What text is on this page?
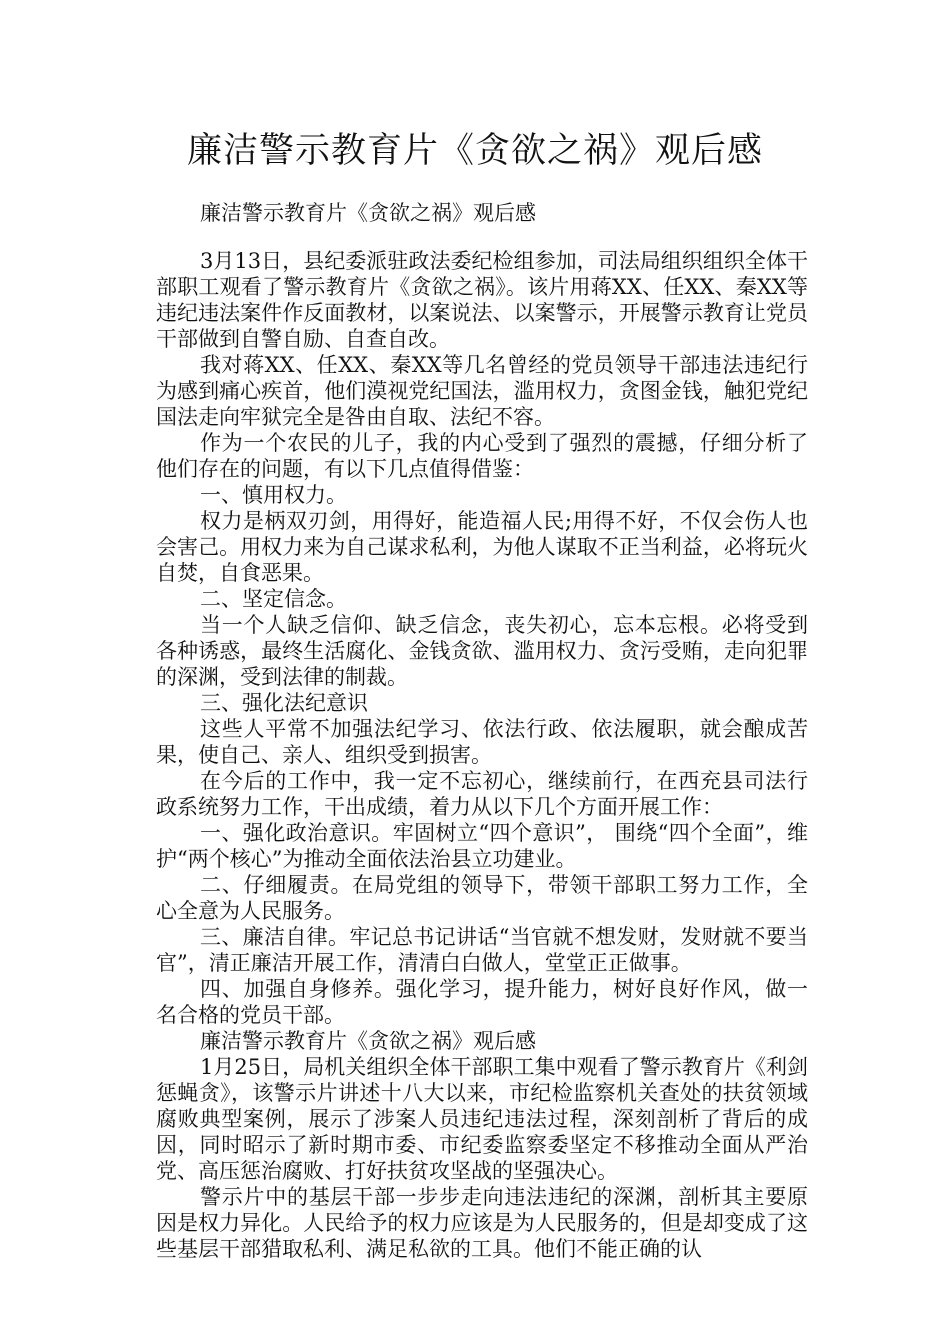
廉洁警示教育片《贪欲之祸》观后感

廉洁警示教育片《贪欲之祸》观后感

3月13日，县纪委派驻政法委纪检组参加，司法局组织组织全体干部职工观看了警示教育片《贪欲之祸》。该片用蒋XX、任XX、秦XX等违纪违法案件作反面教材，以案说法、以案警示，开展警示教育让党员干部做到自警自励、自查自改。

我对蒋XX、任XX、秦XX等几名曾经的党员领导干部违法违纪行为感到痛心疾首，他们漠视党纪国法，滥用权力，贪图金钱，触犯党纪国法走向牢狱完全是咎由自取、法纪不容。

作为一个农民的儿子，我的内心受到了强烈的震撼，仔细分析了他们存在的问题，有以下几点值得借鉴：

一、慎用权力。

权力是柄双刃剑，用得好，能造福人民;用得不好，不仅会伤人也会害己。用权力来为自己谋求私利，为他人谋取不正当利益，必将玩火自焚，自食恶果。

二、坚定信念。

当一个人缺乏信仰、缺乏信念，丧失初心，忘本忘根。必将受到各种诱惑，最终生活腐化、金钱贪欲、滥用权力、贪污受贿，走向犯罪的深渊，受到法律的制裁。

三、强化法纪意识

这些人平常不加强法纪学习、依法行政、依法履职，就会酿成苦果，使自己、亲人、组织受到损害。

在今后的工作中，我一定不忘初心，继续前行，在西充县司法行政系统努力工作，干出成绩，着力从以下几个方面开展工作：

一、强化政治意识。牢固树立“四个意识”， 围绕“四个全面”，维护“两个核心”为推动全面依法治县立功建业。

二、仔细履责。在局党组的领导下，带领干部职工努力工作，全心全意为人民服务。

三、廉洁自律。牢记总书记讲话“当官就不想发财，发财就不要当官”，清正廉洁开展工作，清清白白做人，堂堂正正做事。

四、加强自身修养。强化学习，提升能力，树好良好作风，做一名合格的党员干部。

廉洁警示教育片《贪欲之祸》观后感

1月25日，局机关组织全体干部职工集中观看了警示教育片《利剑惩蝇贪》，该警示片讲述十八大以来，市纪检监察机关查处的扶贫领域腐败典型案例，展示了涉案人员违纪违法过程，深刻剖析了背后的成因，同时昭示了新时期市委、市纪委监察委坚定不移推动全面从严治党、高压惩治腐败、打好扶贫攻坚战的坚强决心。

警示片中的基层干部一步步走向违法违纪的深渊，剖析其主要原因是权力异化。人民给予的权力应该是为人民服务的，但是却变成了这些基层干部猎取私利、满足私欲的工具。他们不能正确的认
